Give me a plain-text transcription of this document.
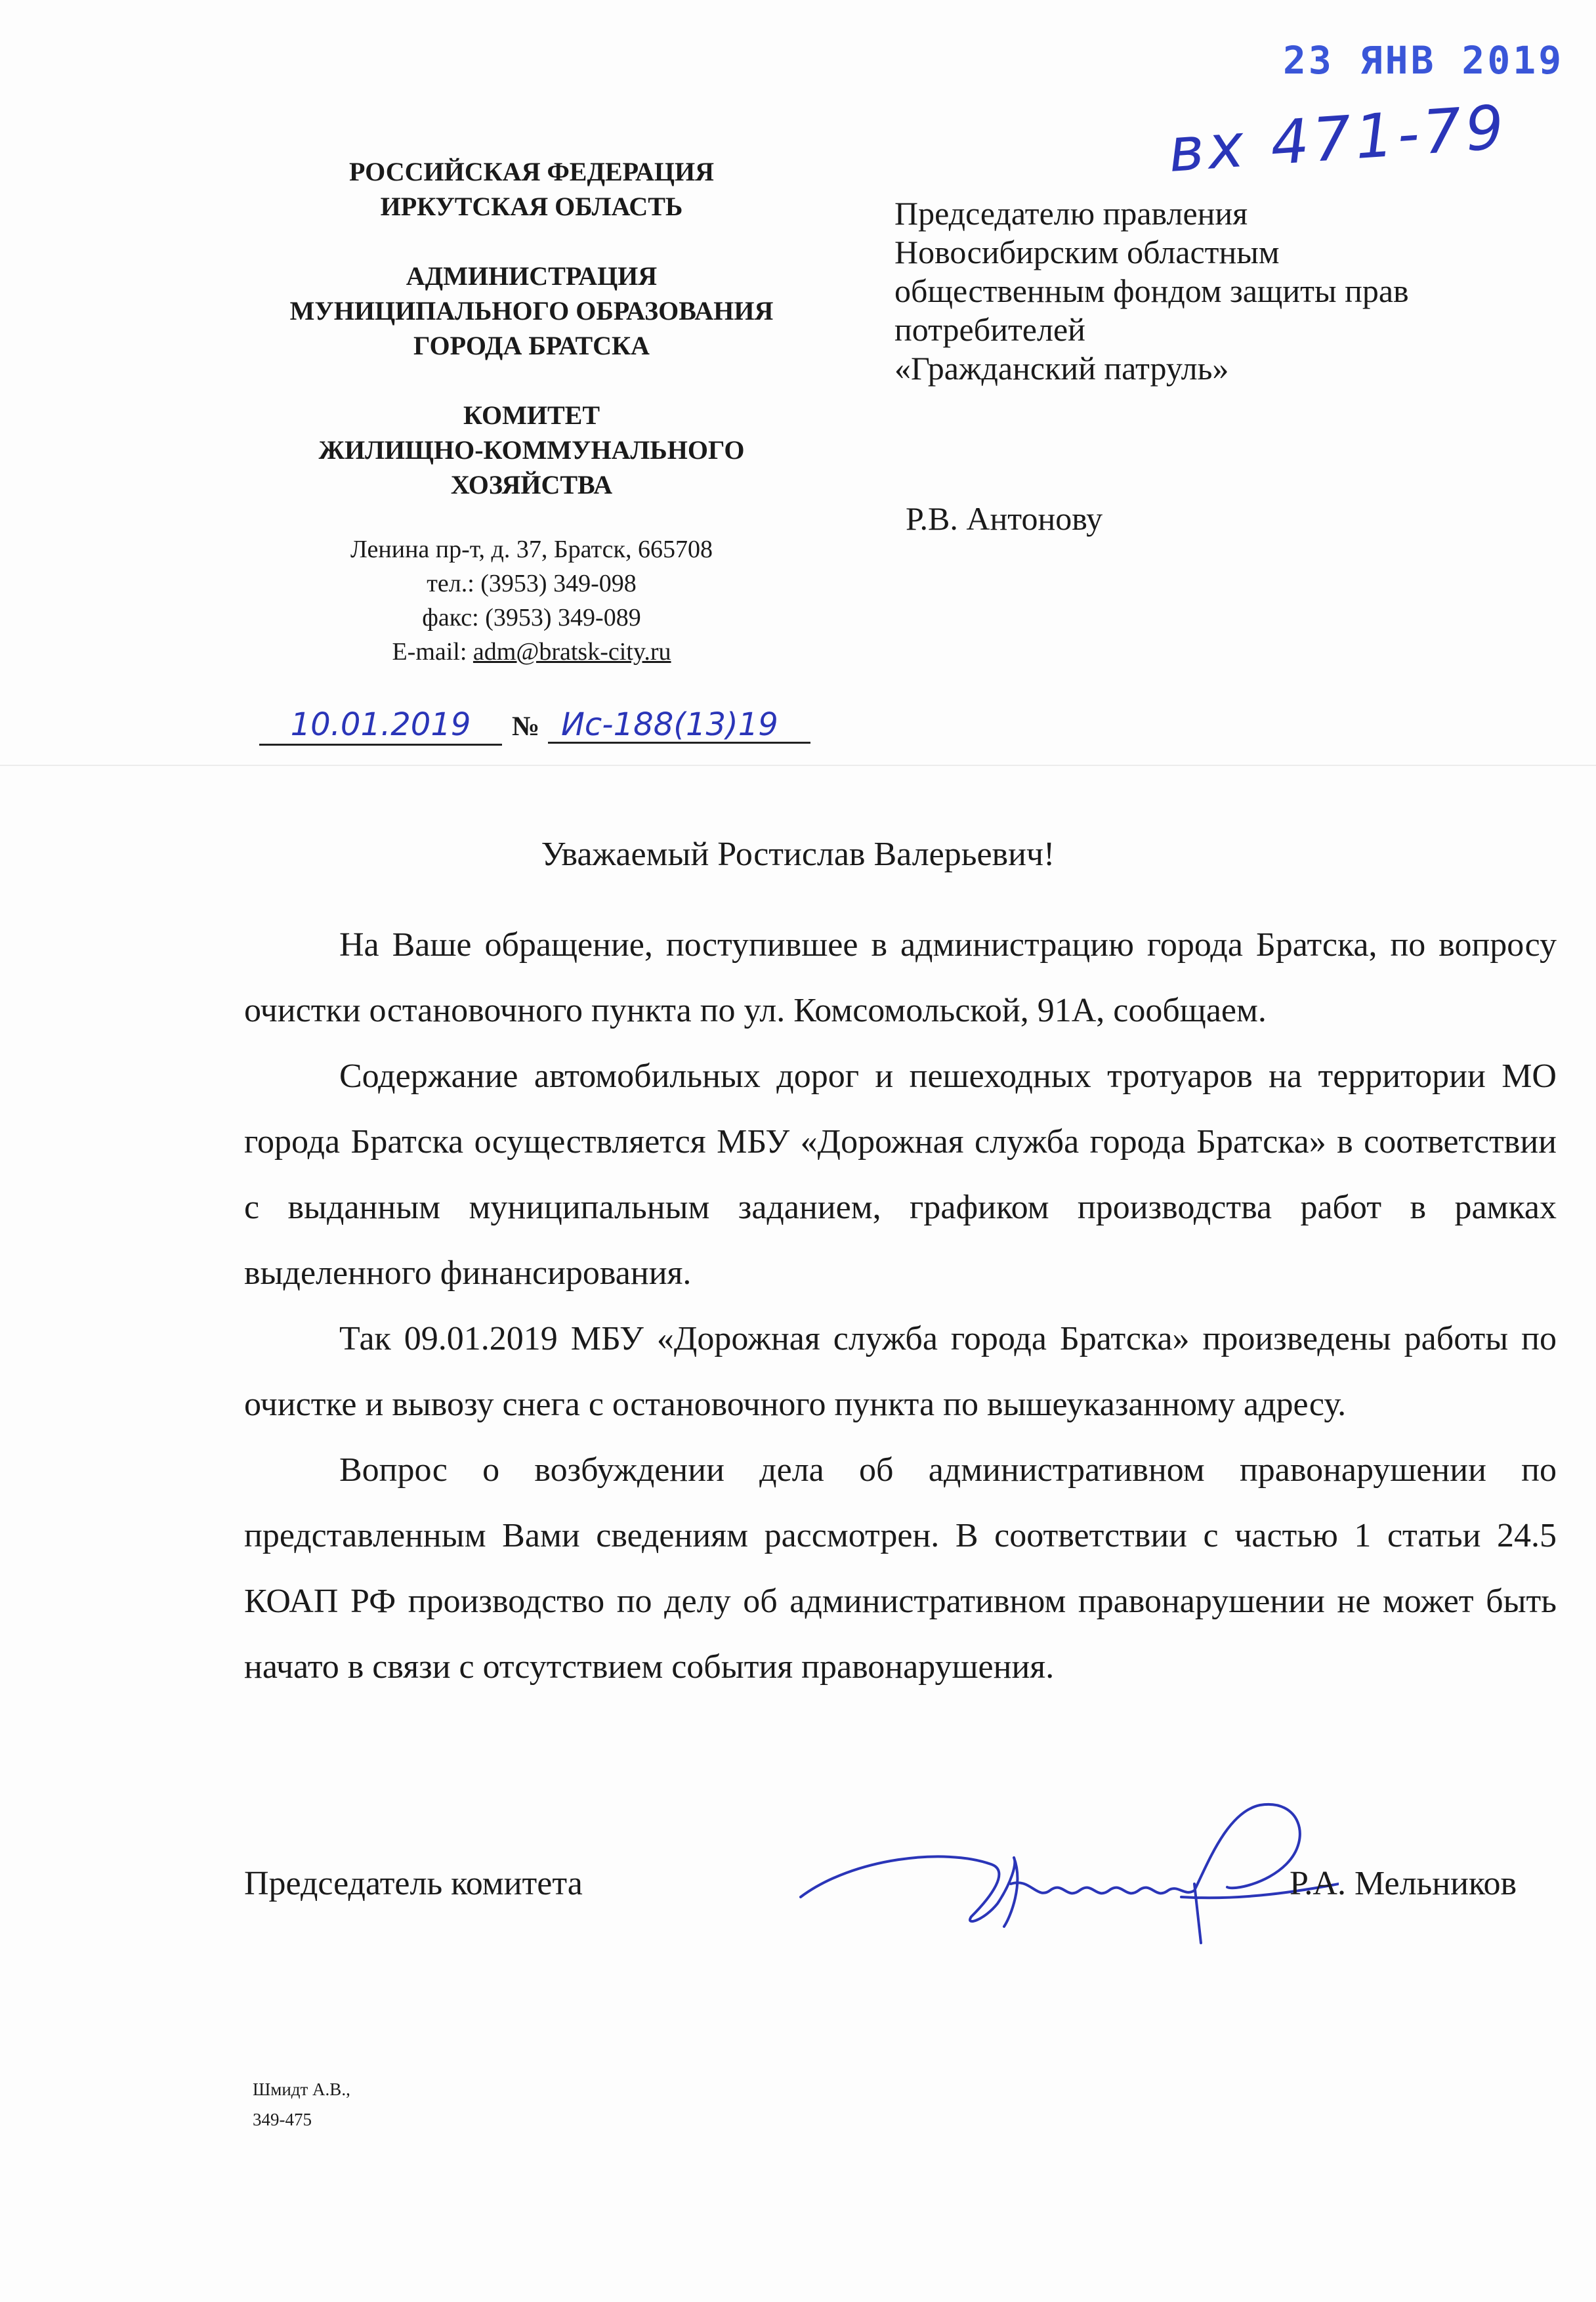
23 ЯНВ 2019
вх 471-79
РОССИЙСКАЯ ФЕДЕРАЦИЯ
ИРКУТСКАЯ ОБЛАСТЬ
АДМИНИСТРАЦИЯ
МУНИЦИПАЛЬНОГО ОБРАЗОВАНИЯ
ГОРОДА БРАТСКА
КОМИТЕТ
ЖИЛИЩНО-КОММУНАЛЬНОГО
ХОЗЯЙСТВА
Ленина пр-т, д. 37, Братск, 665708
тел.: (3953) 349-098
факс: (3953) 349-089
E-mail: adm@bratsk-city.ru
10.01.2019	№ Ис-188(13)19
Председателю правления
Новосибирским областным
общественным фондом защиты прав
потребителей
«Гражданский патруль»
Р.В. Антонову
Уважаемый Ростислав Валерьевич!

На Ваше обращение, поступившее в администрацию города Братска, по вопросу очистки остановочного пункта по ул. Комсомольской, 91А, сообщаем.

Содержание автомобильных дорог и пешеходных тротуаров на территории МО города Братска осуществляется МБУ «Дорожная служба города Братска» в соответствии с выданным муниципальным заданием, графиком производства работ в рамках выделенного финансирования.

Так 09.01.2019 МБУ «Дорожная служба города Братска» произведены работы по очистке и вывозу снега с остановочного пункта по вышеуказанному адресу.

Вопрос о возбуждении дела об административном правонарушении по представленным Вами сведениям рассмотрен. В соответствии с частью 1 статьи 24.5 КОАП РФ производство по делу об административном правонарушении не может быть начато в связи с отсутствием события правонарушения.

Председатель комитета	Р.А. Мельников
Шмидт А.В.,
349-475
